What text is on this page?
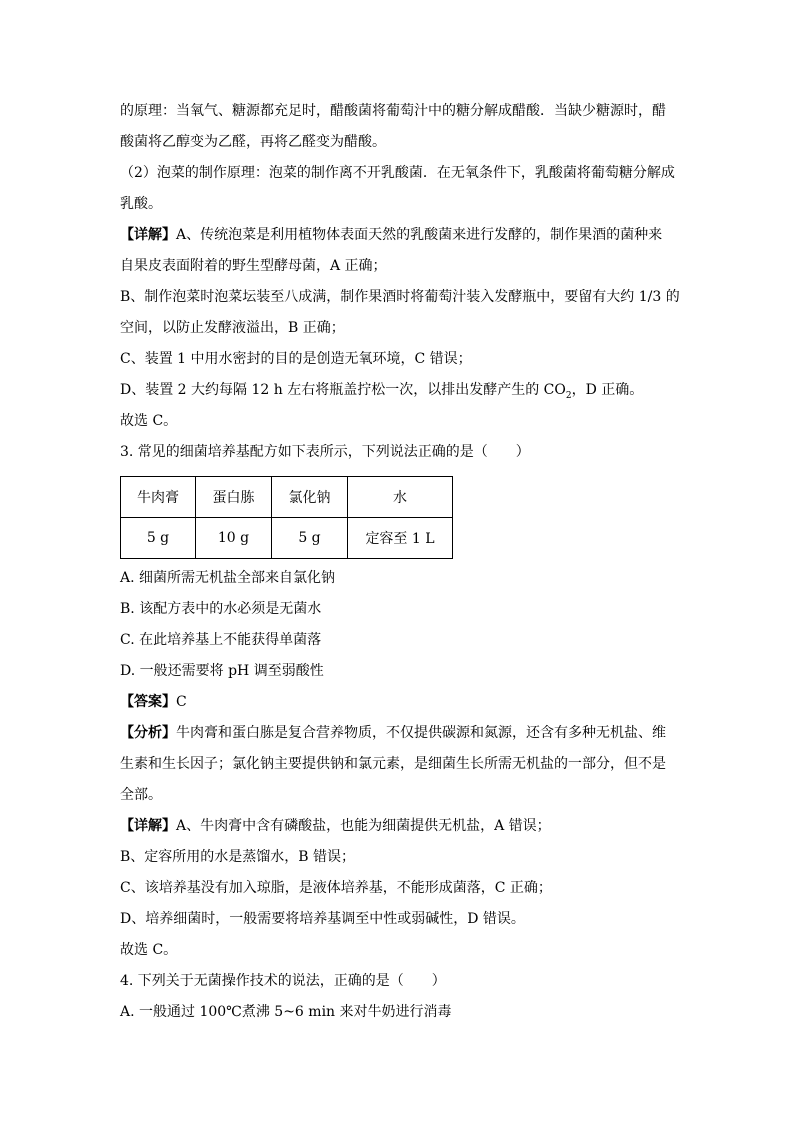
的原理：当氧气、糖源都充足时，醋酸菌将葡萄汁中的糖分解成醋酸．当缺少糖源时，醋

酸菌将乙醇变为乙醛，再将乙醛变为醋酸。

（2）泡菜的制作原理：泡菜的制作离不开乳酸菌．在无氧条件下，乳酸菌将葡萄糖分解成

乳酸。

【详解】A、传统泡菜是利用植物体表面天然的乳酸菌来进行发酵的，制作果酒的菌种来

自果皮表面附着的野生型酵母菌，A 正确；

B、制作泡菜时泡菜坛装至八成满，制作果酒时将葡萄汁装入发酵瓶中，要留有大约 1/3 的

空间，以防止发酵液溢出，B 正确；

C、装置 1 中用水密封的目的是创造无氧环境，C 错误；

D、装置 2 大约每隔 12 h 左右将瓶盖拧松一次，以排出发酵产生的 $CO_2$，D 正确。

故选 C。

3. 常见的细菌培养基配方如下表所示，下列说法正确的是（　　）

牛肉膏	蛋白胨	氯化钠	水
5 g	10 g	5 g	定容至 1 L

A. 细菌所需无机盐全部来自氯化钠

B. 该配方表中的水必须是无菌水

C. 在此培养基上不能获得单菌落

D. 一般还需要将 pH 调至弱酸性

【答案】C

【分析】牛肉膏和蛋白胨是复合营养物质，不仅提供碳源和氮源，还含有多种无机盐、维

生素和生长因子；氯化钠主要提供钠和氯元素，是细菌生长所需无机盐的一部分，但不是

全部。

【详解】A、牛肉膏中含有磷酸盐，也能为细菌提供无机盐，A 错误；

B、定容所用的水是蒸馏水，B 错误；

C、该培养基没有加入琼脂，是液体培养基，不能形成菌落，C 正确；

D、培养细菌时，一般需要将培养基调至中性或弱碱性，D 错误。

故选 C。

4. 下列关于无菌操作技术的说法，正确的是（　　）

A. 一般通过 100℃煮沸 5~6 min 来对牛奶进行消毒
